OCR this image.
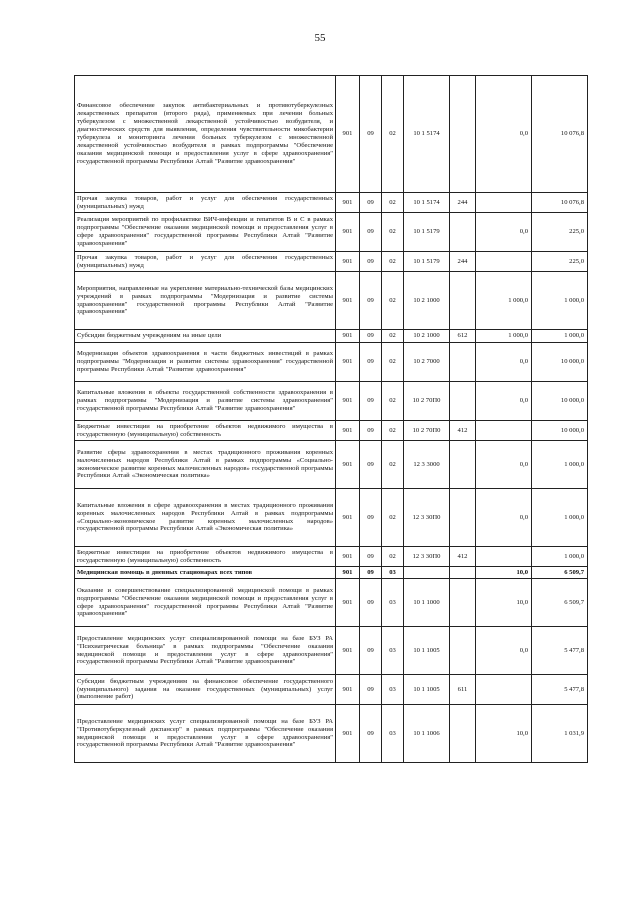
55
Финансовое обеспечение закупок антибактериальных и противотуберкулезных лекарственных препаратов (второго ряда), применяемых при лечении больных туберкулезом с множественной лекарственной устойчивостью возбудителя, и диагностических средств для выявления, определения чувствительности микобактерии туберкулеза и мониторинга лечения больных туберкулезом с множественной лекарственной устойчивостью возбудителя в рамках подпрограммы "Обеспечение оказания медицинской помощи и предоставления услуг в сфере здравоохранения" государственной программы Республики Алтай "Развитие здравоохранения"	901	09	02	10 1 5174		0,0	10 076,8
Прочая закупка товаров, работ и услуг для обеспечения государственных (муниципальных) нужд	901	09	02	10 1 5174	244		10 076,8
Реализация мероприятий по профилактике ВИЧ-инфекции и гепатитов В и С в рамках подпрограммы "Обеспечение оказания медицинской помощи и предоставления услуг в сфере здравоохранения" государственной программы Республики Алтай "Развитие здравоохранения"	901	09	02	10 1 5179		0,0	225,0
Прочая закупка товаров, работ и услуг для обеспечения государственных (муниципальных) нужд	901	09	02	10 1 5179	244		225,0
Мероприятия, направленные на укрепление материально-технической базы медицинских учреждений в рамках подпрограммы "Модернизация и развитие системы здравоохранения" государственной программы Республики Алтай "Развитие здравоохранения"	901	09	02	10 2 1000		1 000,0	1 000,0
Субсидии бюджетным учреждениям на иные цели	901	09	02	10 2 1000	612	1 000,0	1 000,0
Модернизация объектов здравоохранения в части бюджетных инвестиций в рамках подпрограммы "Модернизация и развитие системы здравоохранения" государственной программы Республики Алтай "Развитие здравоохранения"	901	09	02	10 2 7000		0,0	10 000,0
Капитальные вложения в объекты государственной собственности здравоохранения в рамках подпрограммы "Модернизация и развитие системы здравоохранения" государственной программы Республики Алтай "Развитие здравоохранения"	901	09	02	10 2 70П0		0,0	10 000,0
Бюджетные инвестиции на приобретение объектов недвижимого имущества в государственную (муниципальную) собственность	901	09	02	10 2 70П0	412		10 000,0
Развитие сферы здравоохранения в местах традиционного проживания коренных малочисленных народов Республики Алтай в рамках подпрограммы «Социально-экономическое развитие коренных малочисленных народов» государственной программы Республики Алтай «Экономическая политика»	901	09	02	12 3 3000		0,0	1 000,0
Капитальные вложения в сфере здравоохранения в местах традиционного проживания коренных малочисленных народов Республики Алтай в рамках подпрограммы «Социально-экономическое развитие коренных малочисленных народов» государственной программы Республики Алтай «Экономическая политика»	901	09	02	12 3 30П0		0,0	1 000,0
Бюджетные инвестиции на приобретение объектов недвижимого имущества в государственную (муниципальную) собственность	901	09	02	12 3 30П0	412		1 000,0
Медицинская помощь в дневных стационарах всех типов	901	09	03			10,0	6 509,7
Оказание и совершенствование специализированной медицинской помощи в рамках подпрограммы "Обеспечение оказания медицинской помощи и предоставления услуг в сфере здравоохранения" государственной программы Республики Алтай "Развитие здравоохранения"	901	09	03	10 1 1000		10,0	6 509,7
Предоставление медицинских услуг специализированной помощи на базе БУЗ РА "Психиатрическая больница" в рамках подпрограммы "Обеспечение оказания медицинской помощи и предоставления услуг в сфере здравоохранения" государственной программы Республики Алтай "Развитие здравоохранения"	901	09	03	10 1 1005		0,0	5 477,8
Субсидии бюджетным учреждениям на финансовое обеспечение государственного (муниципального) задания на оказание государственных (муниципальных) услуг (выполнение работ)	901	09	03	10 1 1005	611		5 477,8
Предоставление медицинских услуг специализированной помощи на базе БУЗ РА "Противотуберкулезный диспансер" в рамках подпрограммы "Обеспечение оказания медицинской помощи и предоставления услуг в сфере здравоохранения" государственной программы Республики Алтай "Развитие здравоохранения"	901	09	03	10 1 1006		10,0	1 031,9
